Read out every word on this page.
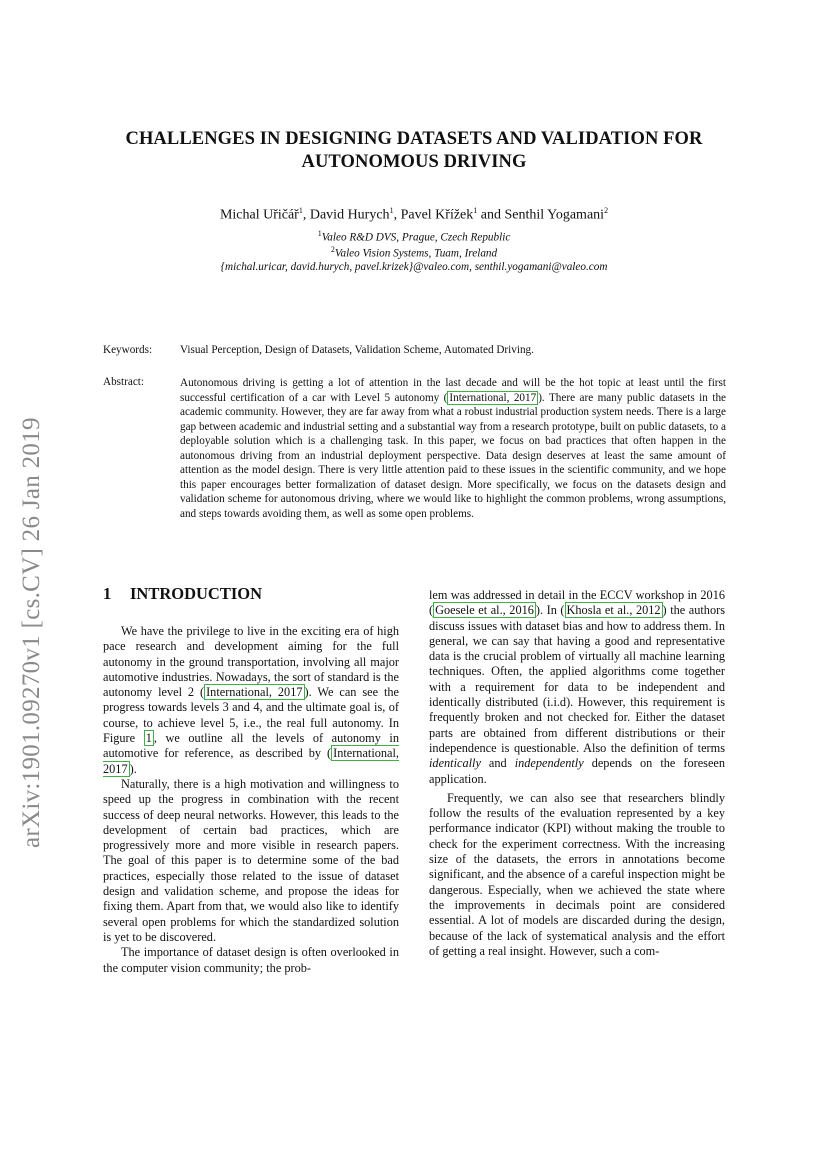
arXiv:1901.09270v1 [cs.CV] 26 Jan 2019
CHALLENGES IN DESIGNING DATASETS AND VALIDATION FOR
AUTONOMOUS DRIVING
Michal Uřičář$^1$, David Hurych$^1$, Pavel Křížek$^1$ and Senthil Yogamani$^2$
$^1$Valeo R&D DVS, Prague, Czech Republic
$^2$Valeo Vision Systems, Tuam, Ireland
{michal.uricar, david.hurych, pavel.krizek}@valeo.com, senthil.yogamani@valeo.com
Keywords: Visual Perception, Design of Datasets, Validation Scheme, Automated Driving.
Abstract:	Autonomous driving is getting a lot of attention in the last decade and will be the hot topic at least until the first successful certification of a car with Level 5 autonomy ( International, 2017 ). There are many public datasets in the academic community. However, they are far away from what a robust industrial production system needs. There is a large gap between academic and industrial setting and a substantial way from a research prototype, built on public datasets, to a deployable solution which is a challenging task. In this paper, we focus on bad practices that often happen in the autonomous driving from an industrial deployment perspective. Data design deserves at least the same amount of attention as the model design. There is very little attention paid to these issues in the scientific community, and we hope this paper encourages better formalization of dataset design. More specifically, we focus on the datasets design and validation scheme for autonomous driving, where we would like to highlight the common problems, wrong assumptions, and steps towards avoiding them, as well as some open problems.
1 INTRODUCTION

We have the privilege to live in the exciting era of high pace research and development aiming for the full autonomy in the ground transportation, involving all major automotive industries. Nowadays, the sort of standard is the autonomy level 2 ( International, 2017 ). We can see the progress towards levels 3 and 4, and the ultimate goal is, of course, to achieve level 5, i.e., the real full autonomy. In Figure 1 , we outline all the levels of autonomy in automotive for reference, as described by ( International, 2017 ).

Naturally, there is a high motivation and willingness to speed up the progress in combination with the recent success of deep neural networks. However, this leads to the development of certain bad practices, which are progressively more and more visible in research papers. The goal of this paper is to determine some of the bad practices, especially those related to the issue of dataset design and validation scheme, and propose the ideas for fixing them. Apart from that, we would also like to identify several open problems for which the standardized solution is yet to be discovered.

The importance of dataset design is often overlooked in the computer vision community; the prob-

lem was addressed in detail in the ECCV workshop in 2016 ( Goesele et al., 2016 ). In ( Khosla et al., 2012 ) the authors discuss issues with dataset bias and how to address them. In general, we can say that having a good and representative data is the crucial problem of virtually all machine learning techniques. Often, the applied algorithms come together with a requirement for data to be independent and identically distributed (i.i.d). However, this requirement is frequently broken and not checked for. Either the dataset parts are obtained from different distributions or their independence is questionable. Also the definition of terms identically and independently depends on the foreseen application.

Frequently, we can also see that researchers blindly follow the results of the evaluation represented by a key performance indicator (KPI) without making the trouble to check for the experiment correctness. With the increasing size of the datasets, the errors in annotations become significant, and the absence of a careful inspection might be dangerous. Especially, when we achieved the state where the improvements in decimals point are considered essential. A lot of models are discarded during the design, because of the lack of systematical analysis and the effort of getting a real insight. However, such a com-
